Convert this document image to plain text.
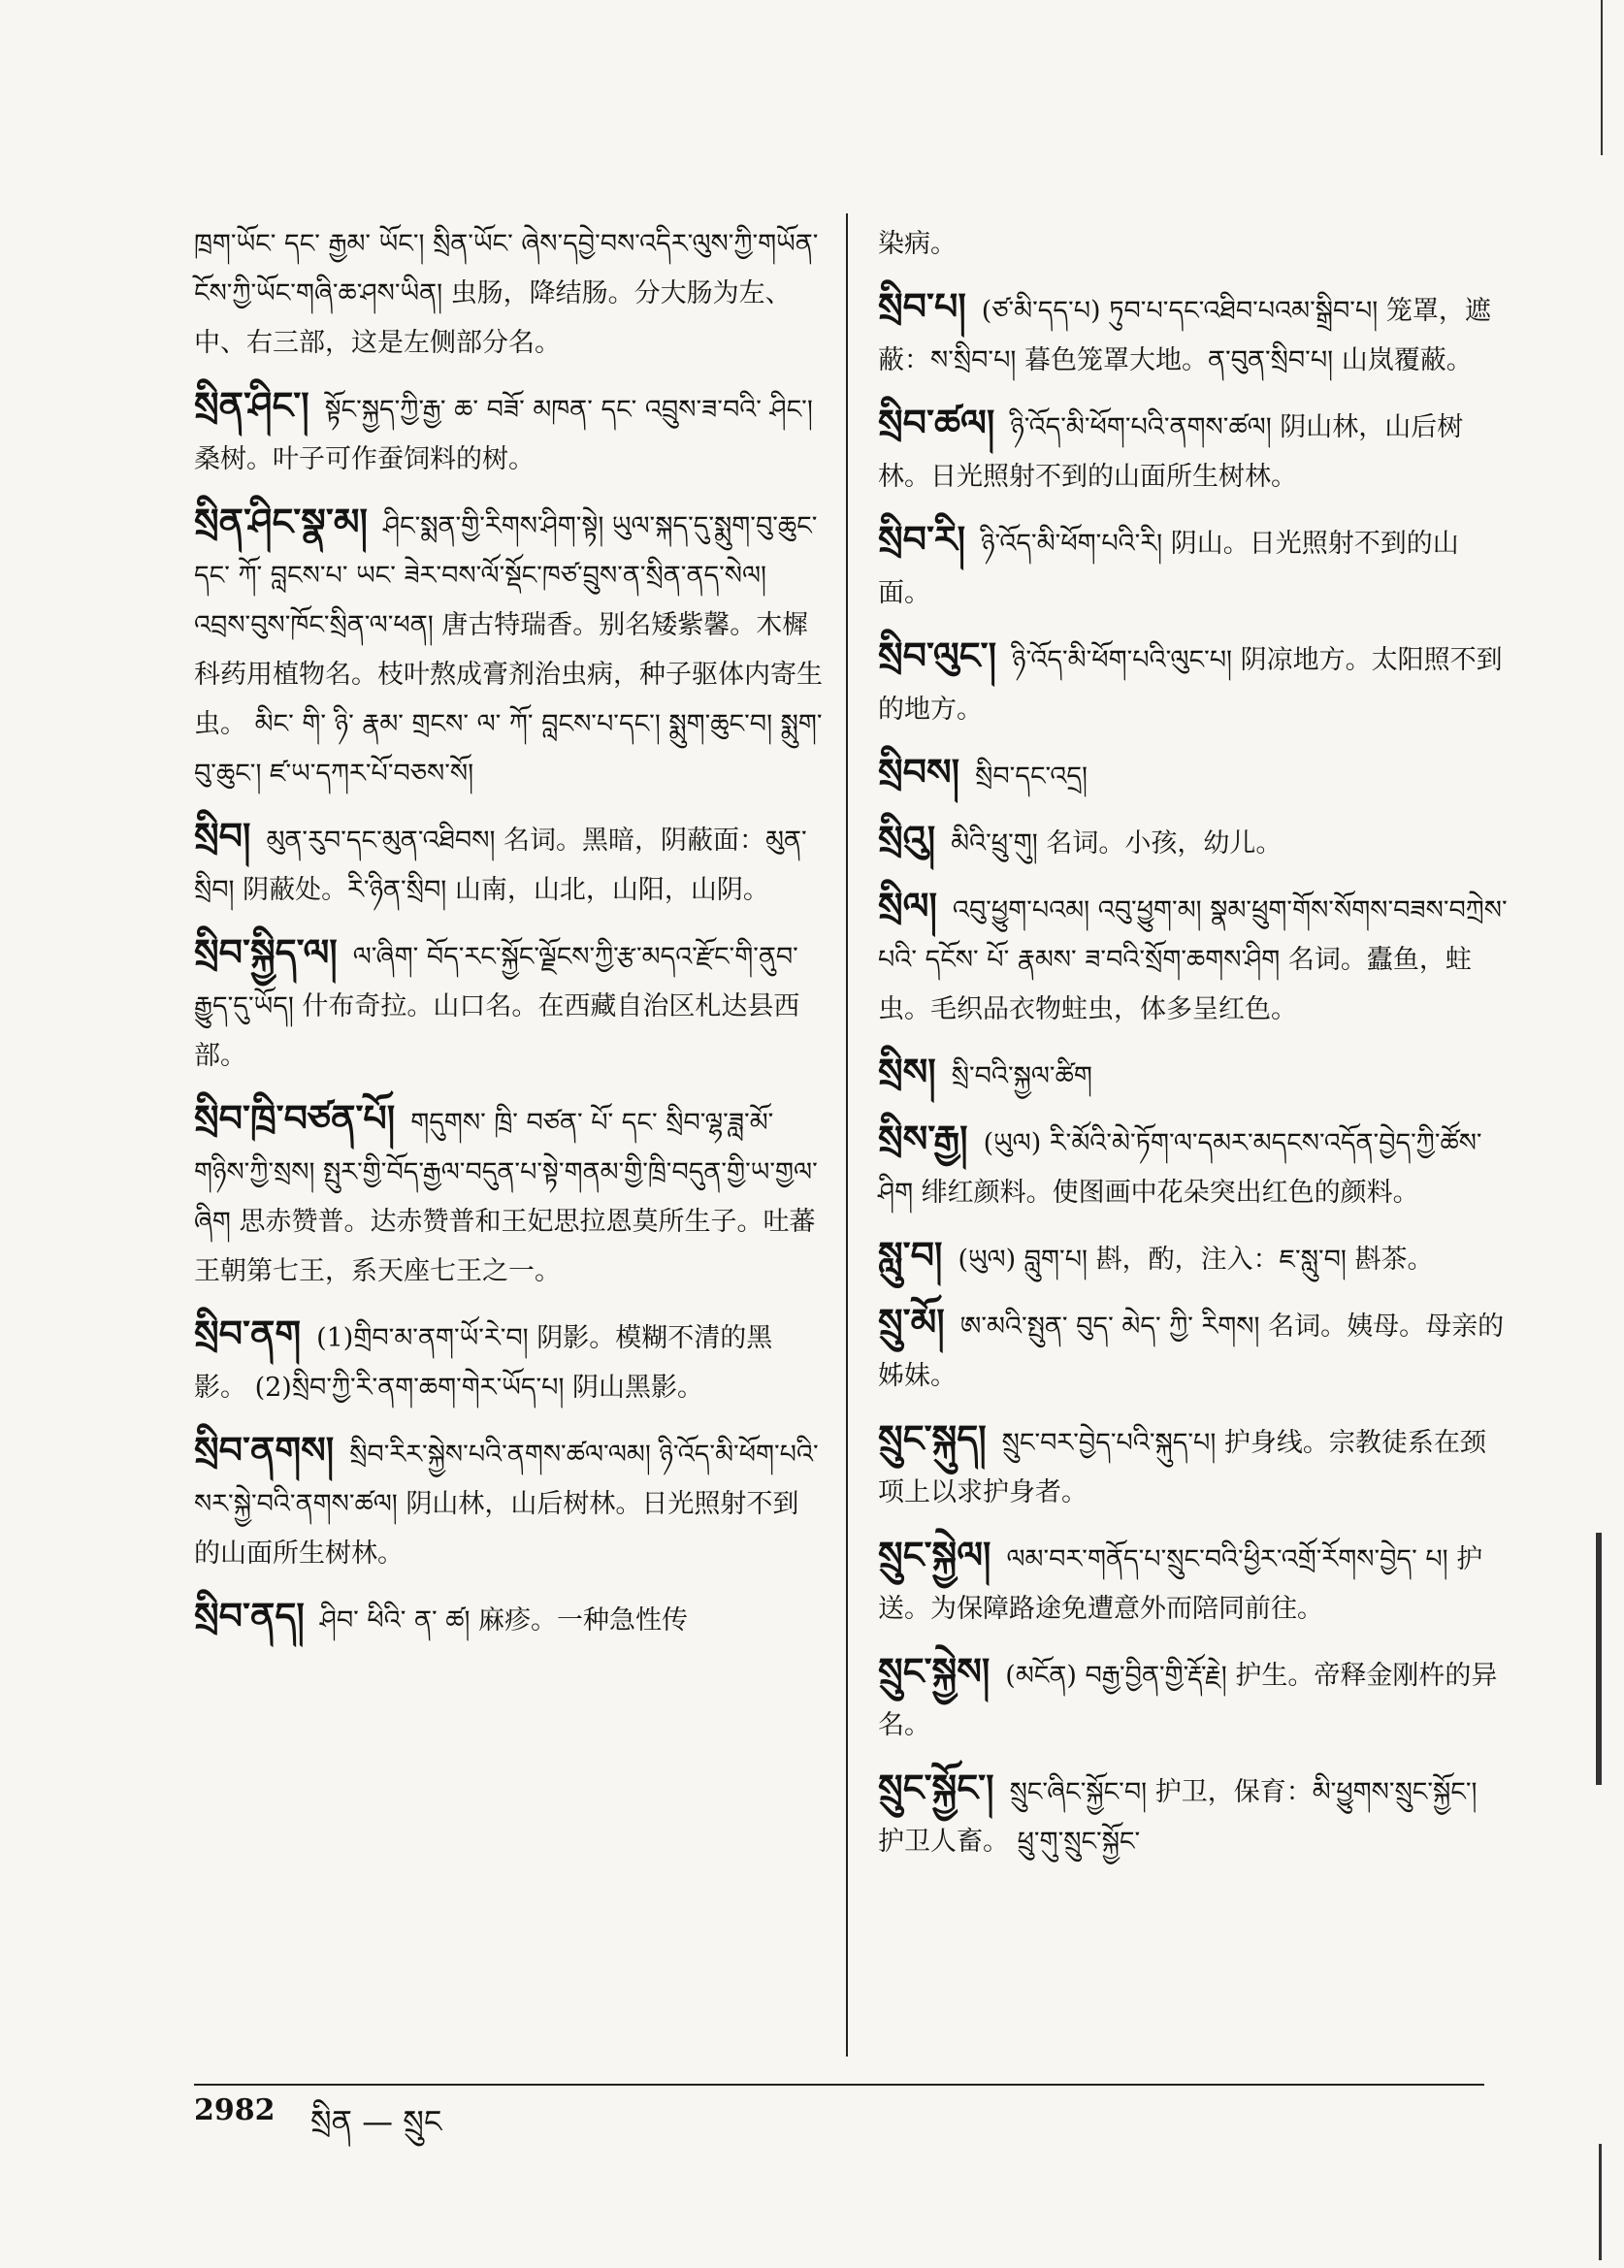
ཁྲག་ཡོང་ དང་ རྒྱམ་ ཡོང་། སྲིན་ཡོང་ ཞེས་དབྱེ་བས་འདིར་ལུས་ཀྱི་གཡོན་ངོས་ཀྱི་ཡོང་གཞི་ཆ་ཤས་ཡིན། 虫肠，降结肠。分大肠为左、中、右三部，这是左侧部分名。
སྲིན་ཤིང་། སྟོང་སྐྱད་ཀྱི་རྒྱ་ ཆ་ བཟོ་ མཁན་ དང་ འབྲུས་ཟ་བའི་ ཤིང་། 桑树。叶子可作蚕饲料的树。
སྲིན་ཤིང་སྣ་མ། ཤིང་སྨན་གྱི་རིགས་ཤིག་སྟེ། ཡུལ་སྐད་དུ་སྨུག་བུ་ཆུང་དང་ ཀོ་ བླངས་པ་ ཡང་ ཟེར་བས་ལོ་སྡོང་ཁཙ་བྲུས་ན་སྲིན་ནད་སེལ། འབྲས་བུས་ཁོང་སྲིན་ལ་ཕན། 唐古特瑞香。别名矮紫馨。木樨科药用植物名。枝叶熬成膏剂治虫病，种子驱体内寄生虫。 མིང་ གི་ ཉི་ རྣམ་ གྲངས་ ལ་ ཀོ་ བླངས་པ་དང་། སྨུག་ཆུང་བ། སྨུག་བུ་ཆུང་། ཛ་ཡ་དཀར་པོ་བཅས་སོ།
སྲིབ། མུན་རུབ་དང་མུན་འཐིབས། 名词。黑暗，阴蔽面：མུན་སྲིབ། 阴蔽处。རི་ཉིན་སྲིབ། 山南，山北，山阳，山阴。
སྲིབ་སྐྱིད་ལ། ལ་ཞིག་ བོད་རང་སྐྱོང་ལྗོངས་ཀྱི་རྩ་མདའ་རྫོང་གི་ནུབ་རྒྱུད་དུ་ཡོད། 什布奇拉。山口名。在西藏自治区札达县西部。
སྲིབ་ཁྲི་བཙན་པོ། གདུགས་ ཁྲི་ བཙན་ པོ་ དང་ སྲིབ་ལྷ་ཟླ་མོ་གཉིས་ཀྱི་སྲས། སྤུར་གྱི་བོད་རྒྱལ་བདུན་པ་སྟེ་གནམ་གྱི་ཁྲི་བདུན་གྱི་ཡ་གྱལ་ཞིག 思赤赞普。达赤赞普和王妃思拉恩莫所生子。吐蕃王朝第七王，系天座七王之一。
སྲིབ་ནག (1)གྲིབ་མ་ནག་ཡོ་རེ་བ། 阴影。模糊不清的黑影。 (2)སྲིབ་ཀྱི་རི་ནག་ཆག་གེར་ཡོད་པ། 阴山黑影。
སྲིབ་ནགས། སྲིབ་རིར་སྐྱེས་པའི་ནགས་ཚལ་ལམ། ཉི་འོད་མི་ཕོག་པའི་སར་སྐྱེ་བའི་ནགས་ཚལ། 阴山林，山后树林。日光照射不到的山面所生树林。
སྲིབ་ནད། ཤིབ་ ཕིའི་ ན་ ཚ། 麻疹。一种急性传
染病。
སྲིབ་པ། (ཙ་མི་དད་པ) ཏུབ་པ་དང་འཐིབ་པའམ་སྒྲིབ་པ། 笼罩，遮蔽：ས་སྲིབ་པ། 暮色笼罩大地。ན་བུན་སྲིབ་པ། 山岚覆蔽。
སྲིབ་ཚལ། ཉི་འོད་མི་ཕོག་པའི་ནགས་ཚལ། 阴山林，山后树林。日光照射不到的山面所生树林。
སྲིབ་རི། ཉི་འོད་མི་ཕོག་པའི་རི། 阴山。日光照射不到的山面。
སྲིབ་ལུང་། ཉི་འོད་མི་ཕོག་པའི་ལུང་པ། 阴凉地方。太阳照不到的地方。
སྲིབས། སྲིབ་དང་འདྲ།
སྲིའུ། མིའི་ཕྲུ་གུ། 名词。小孩，幼儿。
སྲིལ། འབུ་ཕྱུག་པའམ། འབུ་ཕྱུག་མ། སྣམ་ཕྲུག་གོས་སོགས་བཟས་བཀྲེས་ པའི་ དངོས་ པོ་ རྣམས་ ཟ་བའི་སྲོག་ཆགས་ཤིག 名词。蠹鱼，蛀虫。毛织品衣物蛀虫，体多呈红色。
སྲིས། སྲི་བའི་སྐྱལ་ཚིག
སྲིས་རྒྱ། (ཡུལ) རི་མོའི་མེ་ཏོག་ལ་དམར་མདངས་འདོན་བྱེད་ཀྱི་ཚོས་ཤིག 绯红颜料。使图画中花朵突出红色的颜料。
སླུ་བ། (ཡུལ) བླུག་པ། 斟，酌，注入：ཇ་སླུ་བ། 斟茶。
སྲུ་མོ། ཨ་མའི་སྤུན་ བུད་ མེད་ ཀྱི་ རིགས། 名词。姨母。母亲的姊妹。
སྲུང་སྐུད། སྲུང་བར་བྱེད་པའི་སྐུད་པ། 护身线。宗教徒系在颈项上以求护身者。
སྲུང་སྐྱེལ། ལམ་བར་གནོད་པ་སྲུང་བའི་ཕྱིར་འགྲོ་རོགས་བྱེད་ པ། 护送。为保障路途免遭意外而陪同前往。
སྲུང་སྐྱེས། (མངོན) བརྒྱ་བྱིན་གྱི་རྡོ་རྗེ། 护生。帝释金刚杵的异名。
སྲུང་སྐྱོང་། སྲུང་ཞིང་སྐྱོང་བ། 护卫，保育：མི་ཕྱུགས་སྲུང་སྐྱོང་། 护卫人畜。 ཕྲུ་གུ་སྲུང་སྐྱོང་
2982 སྲིན — སྲུང
